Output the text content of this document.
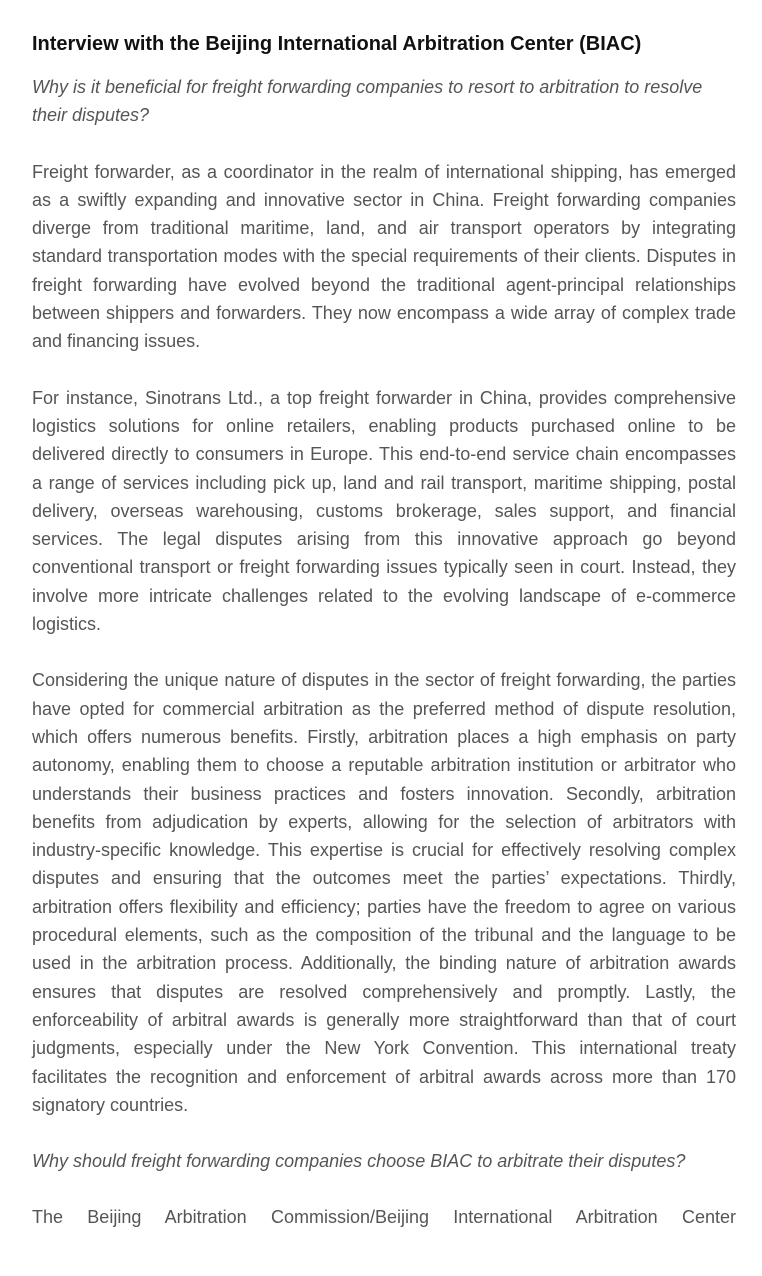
Interview with the Beijing International Arbitration Center (BIAC)

Why is it beneficial for freight forwarding companies to resort to arbitration to resolve their disputes?

Freight forwarder, as a coordinator in the realm of international shipping, has emerged as a swiftly expanding and innovative sector in China. Freight forwarding companies diverge from traditional maritime, land, and air transport operators by integrating standard transportation modes with the special requirements of their clients. Disputes in freight forwarding have evolved beyond the traditional agent-principal relationships between shippers and forwarders. They now encompass a wide array of complex trade and financing issues.

For instance, Sinotrans Ltd., a top freight forwarder in China, provides comprehensive logistics solutions for online retailers, enabling products purchased online to be delivered directly to consumers in Europe. This end-to-end service chain encompasses a range of services including pick up, land and rail transport, maritime shipping, postal delivery, overseas warehousing, customs brokerage, sales support, and financial services. The legal disputes arising from this innovative approach go beyond conventional transport or freight forwarding issues typically seen in court. Instead, they involve more intricate challenges related to the evolving landscape of e-commerce logistics.

Considering the unique nature of disputes in the sector of freight forwarding, the parties have opted for commercial arbitration as the preferred method of dispute resolution, which offers numerous benefits. Firstly, arbitration places a high emphasis on party autonomy, enabling them to choose a reputable arbitration institution or arbitrator who understands their business practices and fosters innovation. Secondly, arbitration benefits from adjudication by experts, allowing for the selection of arbitrators with industry-specific knowledge. This expertise is crucial for effectively resolving complex disputes and ensuring that the outcomes meet the parties’ expectations. Thirdly, arbitration offers flexibility and efficiency; parties have the freedom to agree on various procedural elements, such as the composition of the tribunal and the language to be used in the arbitration process. Additionally, the binding nature of arbitration awards ensures that disputes are resolved comprehensively and promptly. Lastly, the enforceability of arbitral awards is generally more straightforward than that of court judgments, especially under the New York Convention. This international treaty facilitates the recognition and enforcement of arbitral awards across more than 170 signatory countries.

Why should freight forwarding companies choose BIAC to arbitrate their disputes?

The Beijing Arbitration Commission/Beijing International Arbitration Center
